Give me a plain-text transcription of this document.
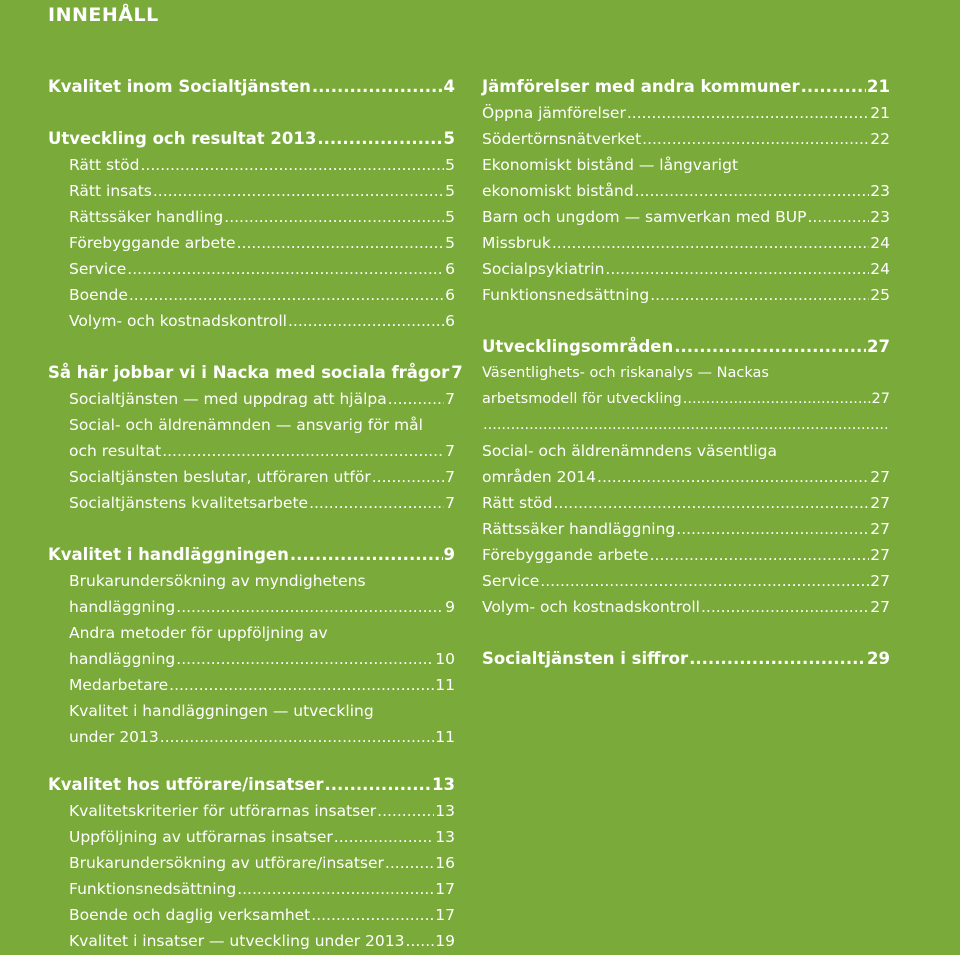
INNEHÅLL
Kvalitet inom Socialtjänsten .....	4
Utveckling och resultat 2013 .....	5
Rätt stöd .....	5
Rätt insats .....	5
Rättssäker handling .....	5
Förebyggande arbete .....	5
Service .....	6
Boende .....	6
Volym- och kostnadskontroll .....	6
Så här jobbar vi i Nacka med sociala frågor 7
Socialtjänsten — med uppdrag att hjälpa .....	7
Social- och äldrenämnden — ansvarig för mål
och resultat .....	7
Socialtjänsten beslutar, utföraren utför .....	7
Socialtjänstens kvalitetsarbete .....	7
Kvalitet i handläggningen .....	9
Brukarundersökning av myndighetens
handläggning .....	9
Andra metoder för uppföljning av
handläggning .....	10
Medarbetare .....	11
Kvalitet i handläggningen — utveckling
under 2013 .....	11
Jämförelser med andra kommuner .....	21
Öppna jämförelser .....	21
Södertörnsnätverket .....	22
Ekonomiskt bistånd — långvarigt
ekonomiskt bistånd .....	23
Barn och ungdom — samverkan med BUP .....	23
Missbruk .....	24
Socialpsykiatrin .....	24
Funktionsnedsättning .....	25
Utvecklingsområden .....	27
Väsentlighets- och riskanalys — Nackas
arbetsmodell för utveckling .....	27
.....
Social- och äldrenämndens väsentliga
områden 2014 .....	27
Rätt stöd .....	27
Rättssäker handläggning .....	27
Förebyggande arbete .....	27
Service .....	27
Volym- och kostnadskontroll .....	27
Socialtjänsten i siffror .....	29
Kvalitet hos utförare/insatser .....	13
Kvalitetskriterier för utförarnas insatser .....	13
Uppföljning av utförarnas insatser .....	13
Brukarundersökning av utförare/insatser .....	16
Funktionsnedsättning .....	17
Boende och daglig verksamhet .....	17
Kvalitet i insatser — utveckling under 2013 ..... 19
